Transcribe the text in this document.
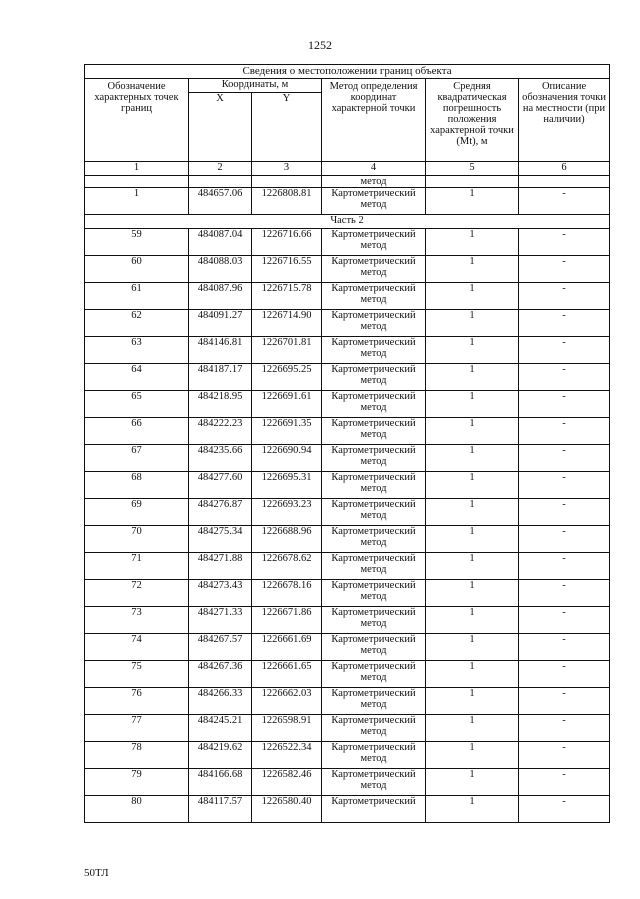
1252
Сведения о местоположении границ объекта					
Обозначение характерных точек границ	Координаты, м		Метод определения координат характерной точки	Средняя квадратическая погрешность положения характерной точки (Mt), м	Описание обозначения точки на местности (при наличии)
	X	Y			
1	2	3	4	5	6
			метод		
1	484657.06	1226808.81	Картометрический метод	1	-
Часть 2					
59	484087.04	1226716.66	Картометрический метод	1	-
60	484088.03	1226716.55	Картометрический метод	1	-
61	484087.96	1226715.78	Картометрический метод	1	-
62	484091.27	1226714.90	Картометрический метод	1	-
63	484146.81	1226701.81	Картометрический метод	1	-
64	484187.17	1226695.25	Картометрический метод	1	-
65	484218.95	1226691.61	Картометрический метод	1	-
66	484222.23	1226691.35	Картометрический метод	1	-
67	484235.66	1226690.94	Картометрический метод	1	-
68	484277.60	1226695.31	Картометрический метод	1	-
69	484276.87	1226693.23	Картометрический метод	1	-
70	484275.34	1226688.96	Картометрический метод	1	-
71	484271.88	1226678.62	Картометрический метод	1	-
72	484273.43	1226678.16	Картометрический метод	1	-
73	484271.33	1226671.86	Картометрический метод	1	-
74	484267.57	1226661.69	Картометрический метод	1	-
75	484267.36	1226661.65	Картометрический метод	1	-
76	484266.33	1226662.03	Картометрический метод	1	-
77	484245.21	1226598.91	Картометрический метод	1	-
78	484219.62	1226522.34	Картометрический метод	1	-
79	484166.68	1226582.46	Картометрический метод	1	-
80	484117.57	1226580.40	Картометрический	1	-
50ТЛ
